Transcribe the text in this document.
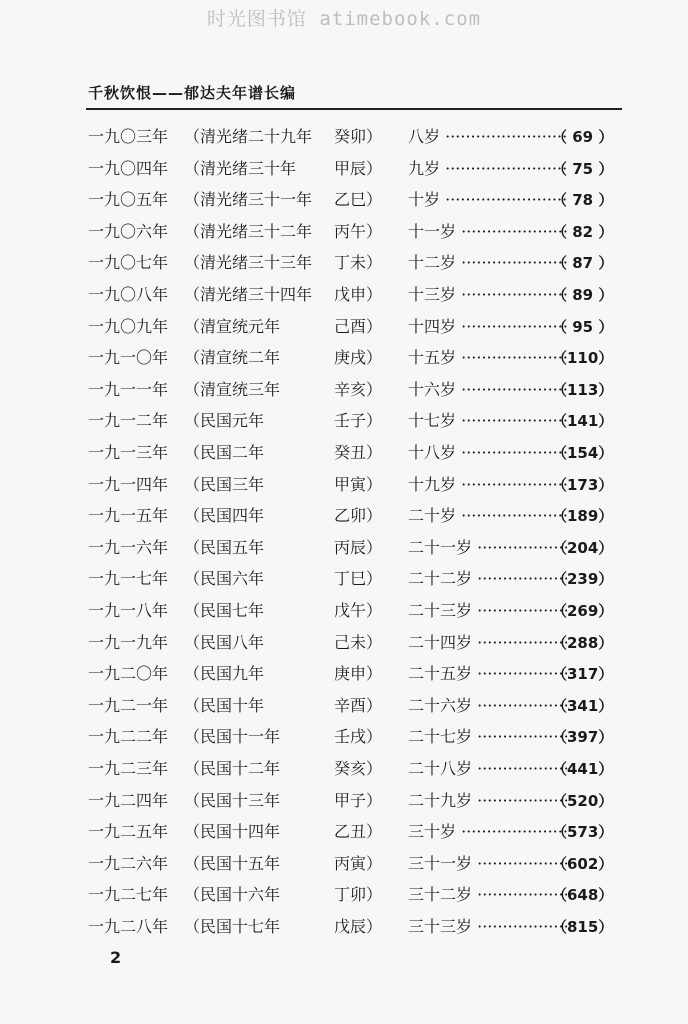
时光图书馆 atimebook.com
千秋饮恨——郁达夫年谱长编
一九〇三年 （清光绪二十九年	癸卯）	八岁 ·····	（ 69 ）
一九〇四年 （清光绪三十年	甲辰）	九岁 ·····	（ 75 ）
一九〇五年 （清光绪三十一年	乙巳）	十岁 ·····	（ 78 ）
一九〇六年 （清光绪三十二年	丙午）	十一岁 ·····	（ 82 ）
一九〇七年 （清光绪三十三年	丁未）	十二岁 ·····	（ 87 ）
一九〇八年 （清光绪三十四年	戊申）	十三岁 ·····	（ 89 ）
一九〇九年 （清宣统元年	己酉）	十四岁 ·····	（ 95 ）
一九一〇年 （清宣统二年	庚戌）	十五岁 ·····	（110）
一九一一年 （清宣统三年	辛亥）	十六岁 ·····	（113）
一九一二年 （民国元年	壬子）	十七岁 ·····	（141）
一九一三年 （民国二年	癸丑）	十八岁 ·····	（154）
一九一四年 （民国三年	甲寅）	十九岁 ·····	（173）
一九一五年 （民国四年	乙卯）	二十岁 ·····	（189）
一九一六年 （民国五年	丙辰）	二十一岁 ·····	（204）
一九一七年 （民国六年	丁巳）	二十二岁 ·····	（239）
一九一八年 （民国七年	戊午）	二十三岁 ·····	（269）
一九一九年 （民国八年	己未）	二十四岁 ·····	（288）
一九二〇年 （民国九年	庚申）	二十五岁 ·····	（317）
一九二一年 （民国十年	辛酉）	二十六岁 ·····	（341）
一九二二年 （民国十一年	壬戌）	二十七岁 ·····	（397）
一九二三年 （民国十二年	癸亥）	二十八岁 ·····	（441）
一九二四年 （民国十三年	甲子）	二十九岁 ·····	（520）
一九二五年 （民国十四年	乙丑）	三十岁 ·····	（573）
一九二六年 （民国十五年	丙寅）	三十一岁 ·····	（602）
一九二七年 （民国十六年	丁卯）	三十二岁 ·····	（648）
一九二八年 （民国十七年	戊辰）	三十三岁 ·····	（815）
2
